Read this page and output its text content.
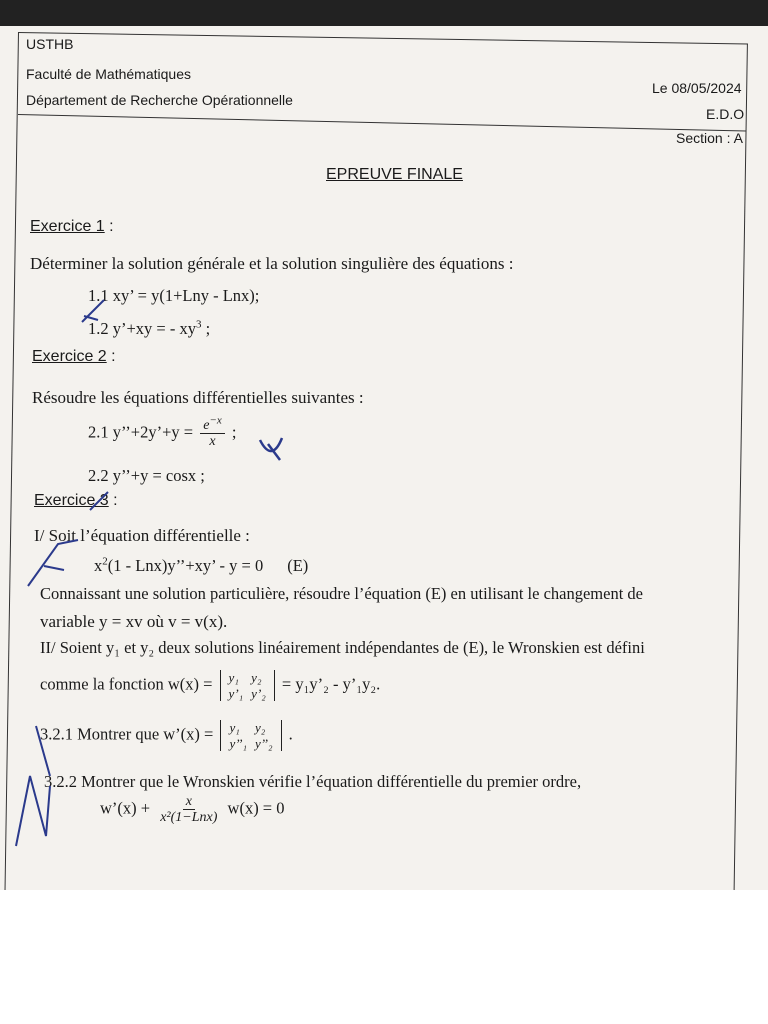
USTHB
Faculté de Mathématiques
Département de Recherche Opérationnelle
Le 08/05/2024
E.D.O
Section : A
EPREUVE FINALE
Exercice 1 :
Déterminer la solution générale et la solution singulière des équations :
1.1 xy’ = y(1+Lny - Lnx);
1.2 y’+xy = - $xy^3$ ;
Exercice 2 :
Résoudre les équations différentielles suivantes :
2.1 y’’+2y’+y = $\frac{e^{-x}}{x}$ ;
2.2 y’’+y = cosx ;
Exercice 3 :
I/ Soit l’équation différentielle :
$x^2(1$ - Lnx)y’’+xy’ - y = 0 (E)
Connaissant une solution particulière, résoudre l’équation (E) en utilisant le changement de
variable y = xv où v = v(x).
II/ Soient y₁ et y₂ deux solutions linéairement indépendantes de (E), le Wronskien est défini
comme la fonction w(x) = y₁
y’₁
y₂
y’₂ = y₁y’₂ - y’₁y₂.
3.2.1 Montrer que w’(x) = y₁
y’’₁
y₂
y’’₂ .
3.2.2 Montrer que le Wronskien vérifie l’équation différentielle du premier ordre,
w’(x) + $\frac{x}{\text{x²(1−Lnx)}} w(x) = 0$
